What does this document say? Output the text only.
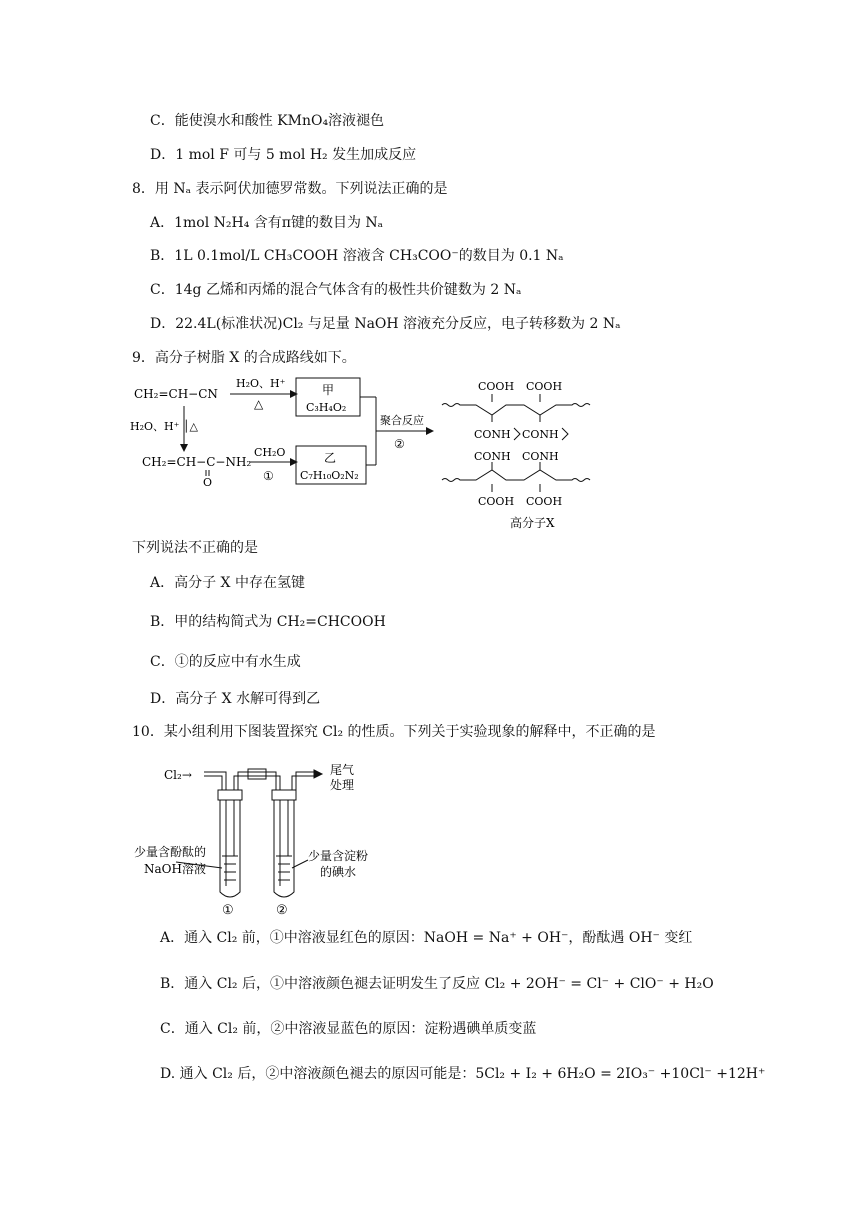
C．能使溴水和酸性 KMnO₄溶液褪色
D．1 mol F 可与 5 mol H₂ 发生加成反应
8．用 Nₐ 表示阿伏加德罗常数。下列说法正确的是
A．1mol N₂H₄ 含有π键的数目为 Nₐ
B．1L 0.1mol/L CH₃COOH 溶液含 CH₃COO⁻的数目为 0.1 Nₐ
C．14g 乙烯和丙烯的混合气体含有的极性共价键数为 2 Nₐ
D．22.4L(标准状况)Cl₂ 与足量 NaOH 溶液充分反应，电子转移数为 2 Nₐ
9．高分子树脂 X 的合成路线如下。
CH₂=CH−CN
H₂O、H⁺
△
甲
C₃H₄O₂
H₂O、H⁺ │△
CH₂=CH−C−NH₂
O
CH₂O
①
乙
C₇H₁₀O₂N₂
聚合反应
②
COOH COOH
CONH CONH
CONH CONH
COOH COOH
高分子X
下列说法不正确的是
A．高分子 X 中存在氢键
B．甲的结构简式为 CH₂=CHCOOH
C．①的反应中有水生成
D．高分子 X 水解可得到乙
10．某小组利用下图装置探究 Cl₂ 的性质。下列关于实验现象的解释中，不正确的是
Cl₂→	尾气
处理
少量含酚酞的
NaOH溶液
少量含淀粉
的碘水
①	②
A．通入 Cl₂ 前，①中溶液显红色的原因：NaOH = Na⁺ + OH⁻，酚酞遇 OH⁻ 变红
B．通入 Cl₂ 后，①中溶液颜色褪去证明发生了反应 Cl₂ + 2OH⁻ = Cl⁻ + ClO⁻ + H₂O
C．通入 Cl₂ 前，②中溶液显蓝色的原因：淀粉遇碘单质变蓝
D. 通入 Cl₂ 后，②中溶液颜色褪去的原因可能是：5Cl₂ + I₂ + 6H₂O = 2IO₃⁻ +10Cl⁻ +12H⁺
